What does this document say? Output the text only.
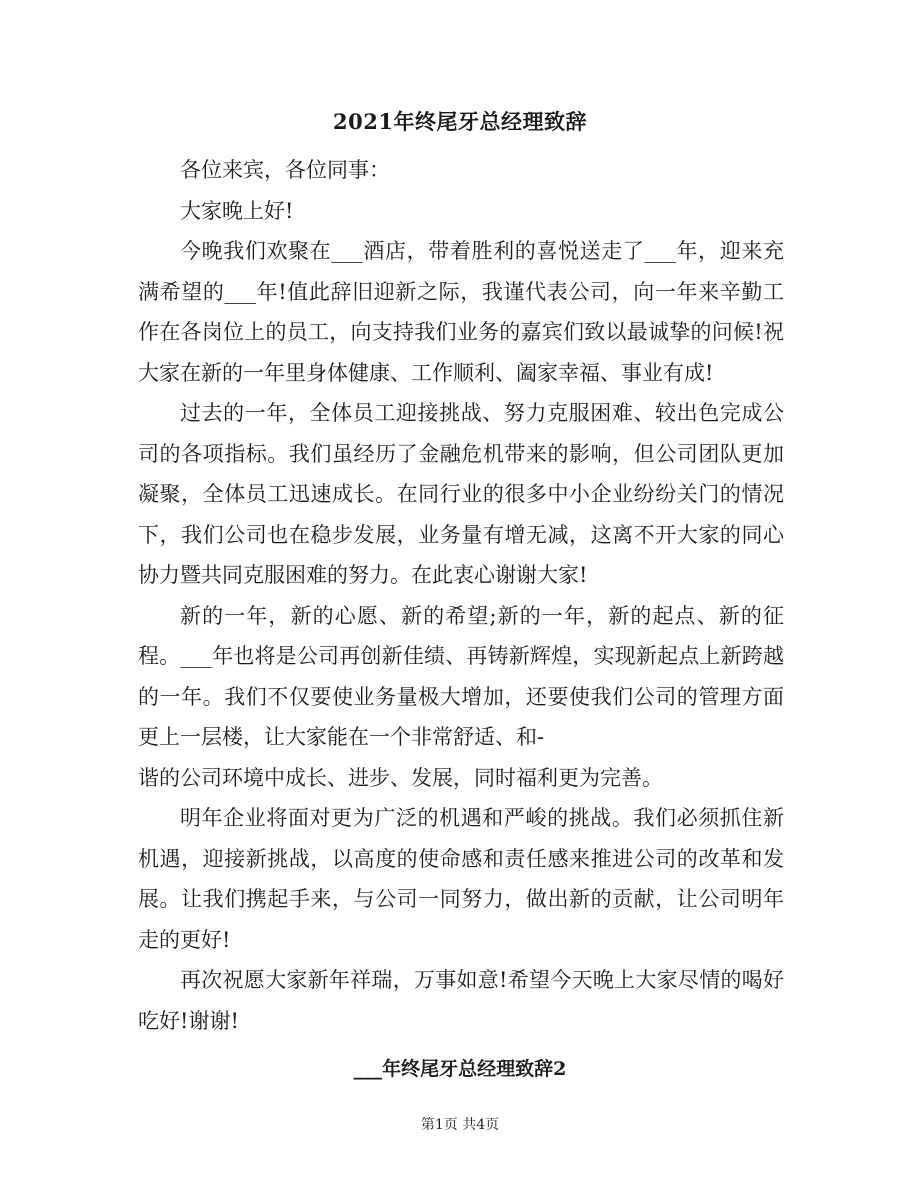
2021年终尾牙总经理致辞

各位来宾，各位同事：

大家晚上好!

今晚我们欢聚在___酒店，带着胜利的喜悦送走了___年，迎来充满希望的___年!值此辞旧迎新之际，我谨代表公司，向一年来辛勤工作在各岗位上的员工，向支持我们业务的嘉宾们致以最诚挚的问候!祝大家在新的一年里身体健康、工作顺利、阖家幸福、事业有成!

过去的一年，全体员工迎接挑战、努力克服困难、较出色完成公司的各项指标。我们虽经历了金融危机带来的影响，但公司团队更加凝聚，全体员工迅速成长。在同行业的很多中小企业纷纷关门的情况下，我们公司也在稳步发展，业务量有增无减，这离不开大家的同心协力暨共同克服困难的努力。在此衷心谢谢大家!

新的一年，新的心愿、新的希望;新的一年，新的起点、新的征程。___年也将是公司再创新佳绩、再铸新辉煌，实现新起点上新跨越的一年。我们不仅要使业务量极大增加，还要使我们公司的管理方面更上一层楼，让大家能在一个非常舒适、和-

谐的公司环境中成长、进步、发展，同时福利更为完善。

明年企业将面对更为广泛的机遇和严峻的挑战。我们必须抓住新机遇，迎接新挑战，以高度的使命感和责任感来推进公司的改革和发展。让我们携起手来，与公司一同努力，做出新的贡献，让公司明年走的更好!

再次祝愿大家新年祥瑞，万事如意!希望今天晚上大家尽情的喝好吃好!谢谢!

___年终尾牙总经理致辞2
第1页 共4页
